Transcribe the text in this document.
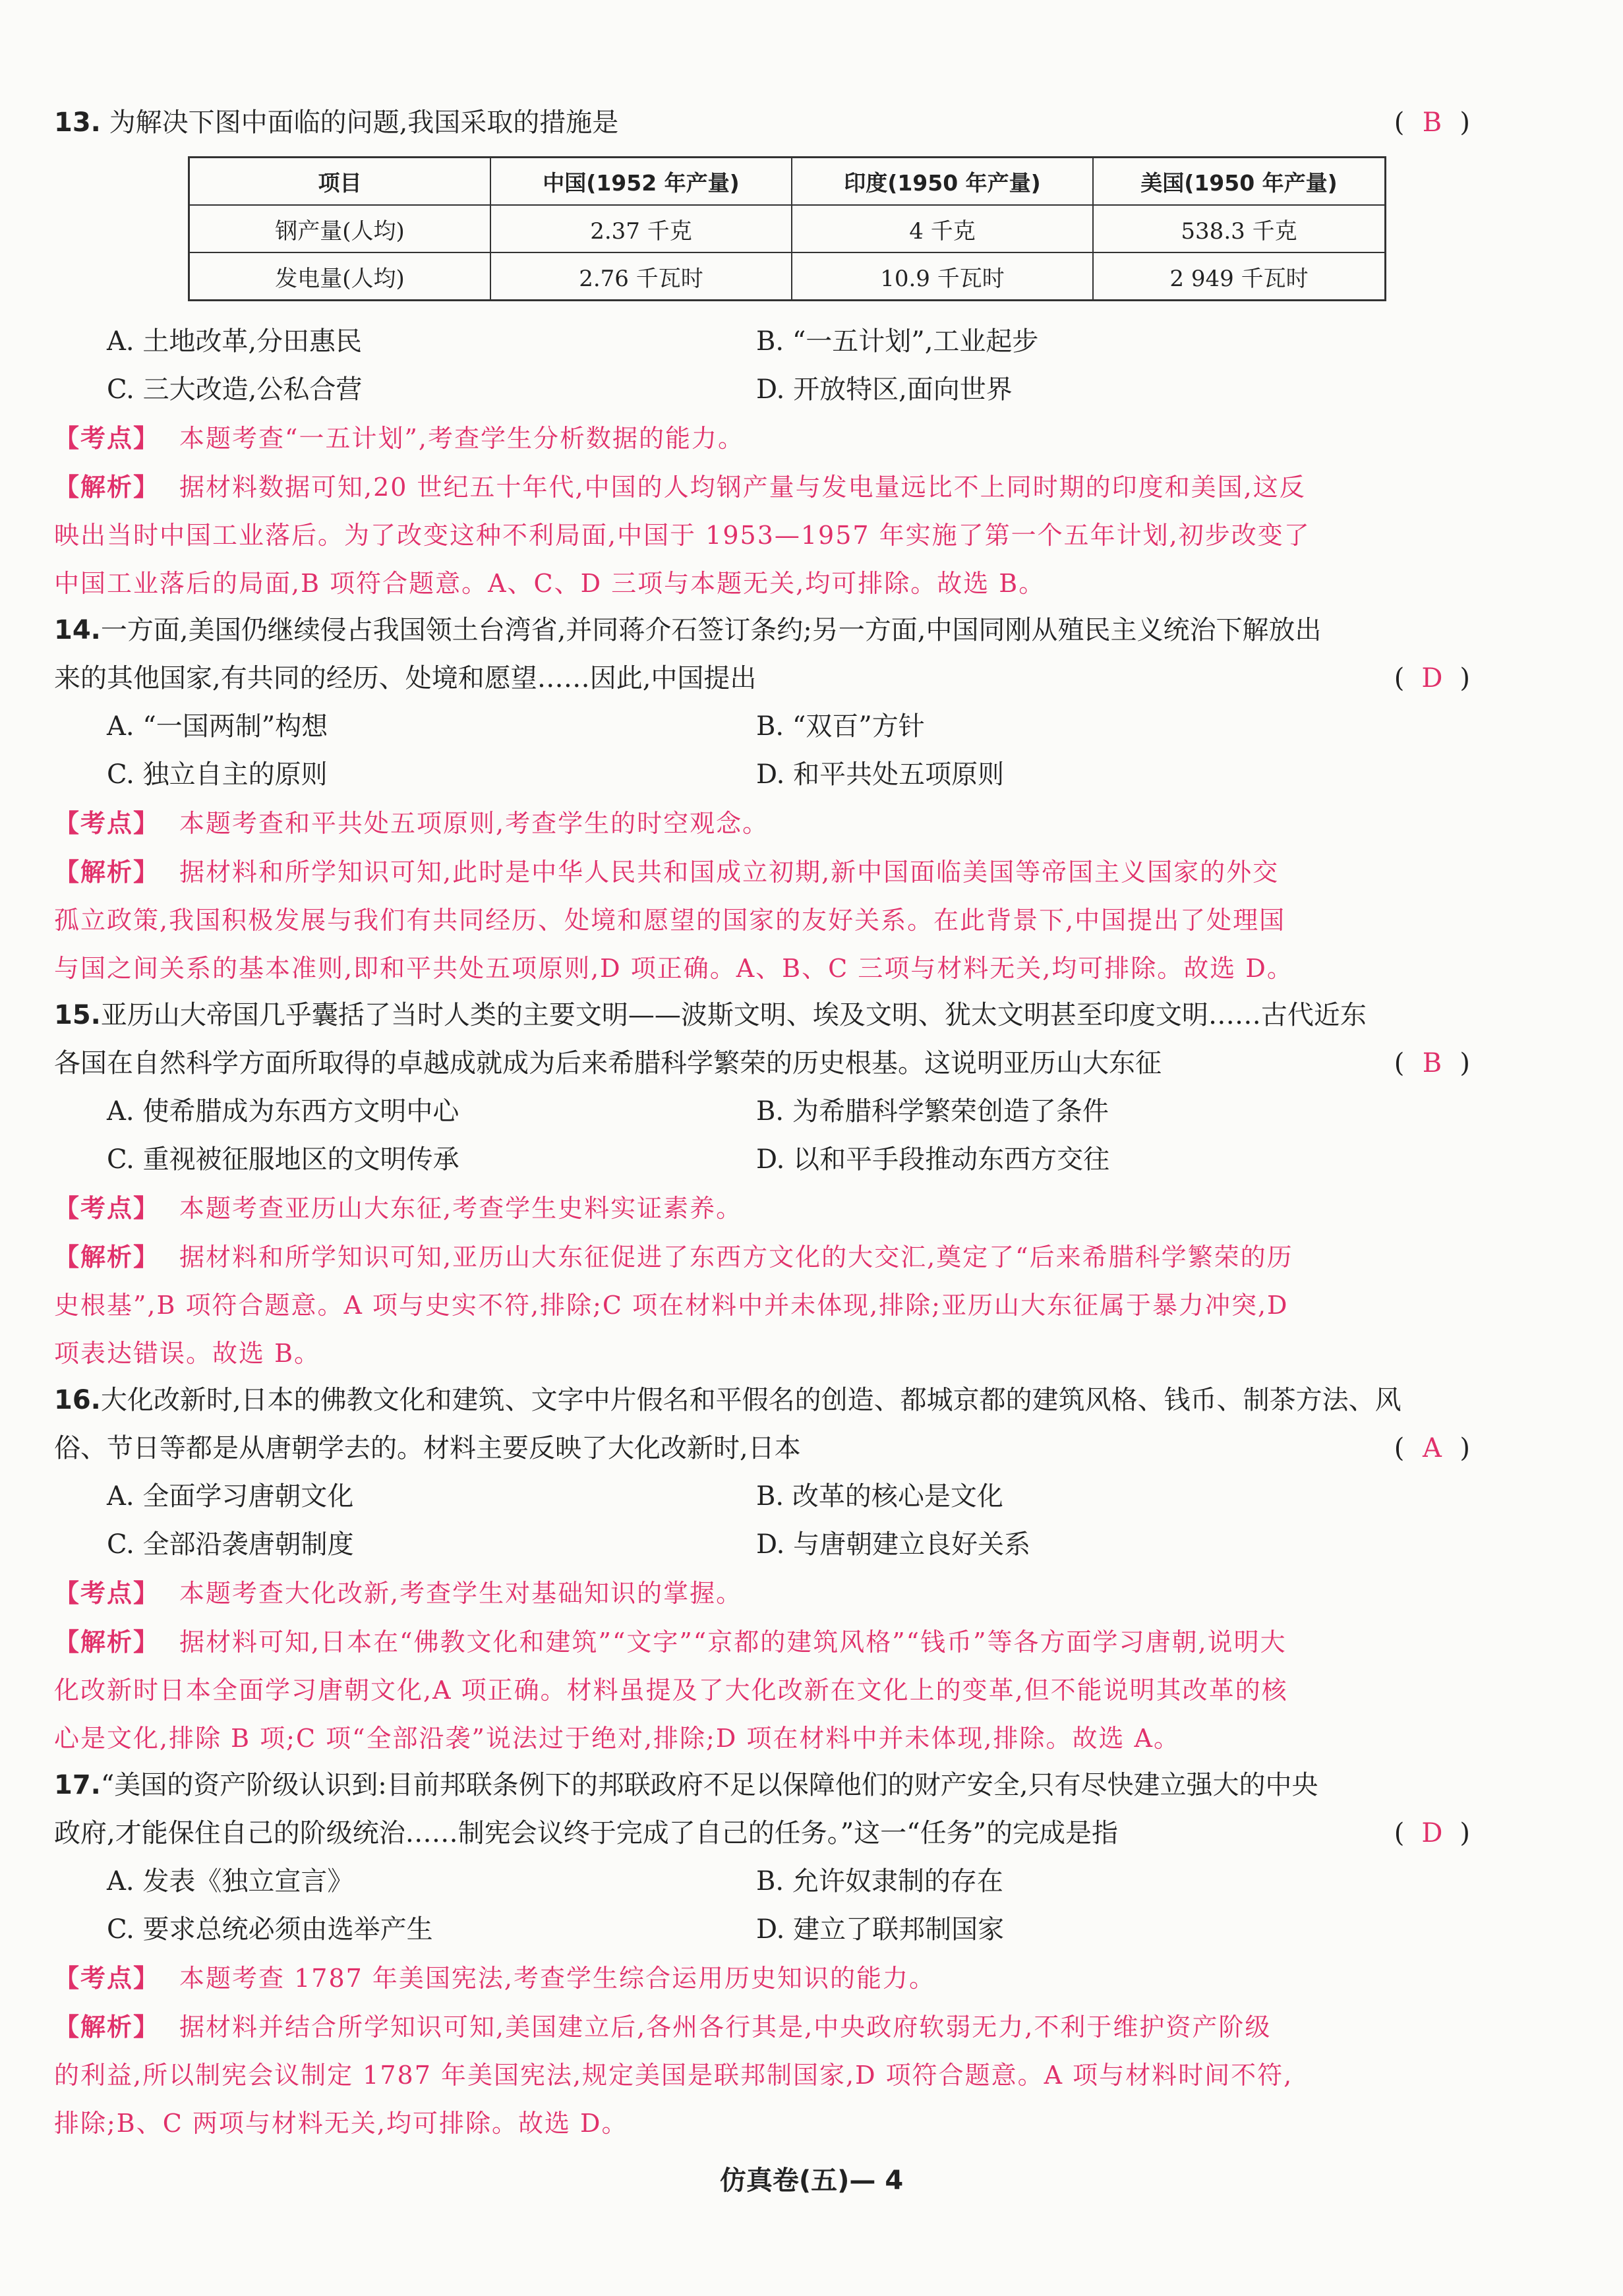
13. 为解决下图中面临的问题,我国采取的措施是	( B )
项目	中国(1952 年产量)	印度(1950 年产量)	美国(1950 年产量)
钢产量(人均)	2.37 千克	4 千克	538.3 千克
发电量(人均)	2.76 千瓦时	10.9 千瓦时	2 949 千瓦时
A. 土地改革,分田惠民	B. “一五计划”,工业起步
C. 三大改造,公私合营	D. 开放特区,面向世界
【考点】 本题考查“一五计划”,考查学生分析数据的能力。
【解析】 据材料数据可知,20 世纪五十年代,中国的人均钢产量与发电量远比不上同时期的印度和美国,这反
映出当时中国工业落后。为了改变这种不利局面,中国于 1953—1957 年实施了第一个五年计划,初步改变了
中国工业落后的局面,B 项符合题意。A、C、D 三项与本题无关,均可排除。故选 B。
14.一方面,美国仍继续侵占我国领土台湾省,并同蒋介石签订条约;另一方面,中国同刚从殖民主义统治下解放出
来的其他国家,有共同的经历、处境和愿望……因此,中国提出	( D )
A. “一国两制”构想	B. “双百”方针
C. 独立自主的原则	D. 和平共处五项原则
【考点】 本题考查和平共处五项原则,考查学生的时空观念。
【解析】 据材料和所学知识可知,此时是中华人民共和国成立初期,新中国面临美国等帝国主义国家的外交
孤立政策,我国积极发展与我们有共同经历、处境和愿望的国家的友好关系。在此背景下,中国提出了处理国
与国之间关系的基本准则,即和平共处五项原则,D 项正确。A、B、C 三项与材料无关,均可排除。故选 D。
15.亚历山大帝国几乎囊括了当时人类的主要文明——波斯文明、埃及文明、犹太文明甚至印度文明……古代近东
各国在自然科学方面所取得的卓越成就成为后来希腊科学繁荣的历史根基。这说明亚历山大东征	( B )
A. 使希腊成为东西方文明中心	B. 为希腊科学繁荣创造了条件
C. 重视被征服地区的文明传承	D. 以和平手段推动东西方交往
【考点】 本题考查亚历山大东征,考查学生史料实证素养。
【解析】 据材料和所学知识可知,亚历山大东征促进了东西方文化的大交汇,奠定了“后来希腊科学繁荣的历
史根基”,B 项符合题意。A 项与史实不符,排除;C 项在材料中并未体现,排除;亚历山大东征属于暴力冲突,D
项表达错误。故选 B。
16.大化改新时,日本的佛教文化和建筑、文字中片假名和平假名的创造、都城京都的建筑风格、钱币、制茶方法、风
俗、节日等都是从唐朝学去的。材料主要反映了大化改新时,日本	( A )
A. 全面学习唐朝文化	B. 改革的核心是文化
C. 全部沿袭唐朝制度	D. 与唐朝建立良好关系
【考点】 本题考查大化改新,考查学生对基础知识的掌握。
【解析】 据材料可知,日本在“佛教文化和建筑”“文字”“京都的建筑风格”“钱币”等各方面学习唐朝,说明大
化改新时日本全面学习唐朝文化,A 项正确。材料虽提及了大化改新在文化上的变革,但不能说明其改革的核
心是文化,排除 B 项;C 项“全部沿袭”说法过于绝对,排除;D 项在材料中并未体现,排除。故选 A。
17.“美国的资产阶级认识到:目前邦联条例下的邦联政府不足以保障他们的财产安全,只有尽快建立强大的中央
政府,才能保住自己的阶级统治……制宪会议终于完成了自己的任务。”这一“任务”的完成是指	( D )
A. 发表《独立宣言》	B. 允许奴隶制的存在
C. 要求总统必须由选举产生	D. 建立了联邦制国家
【考点】 本题考查 1787 年美国宪法,考查学生综合运用历史知识的能力。
【解析】 据材料并结合所学知识可知,美国建立后,各州各行其是,中央政府软弱无力,不利于维护资产阶级
的利益,所以制宪会议制定 1787 年美国宪法,规定美国是联邦制国家,D 项符合题意。A 项与材料时间不符,
排除;B、C 两项与材料无关,均可排除。故选 D。
仿真卷(五)— 4
